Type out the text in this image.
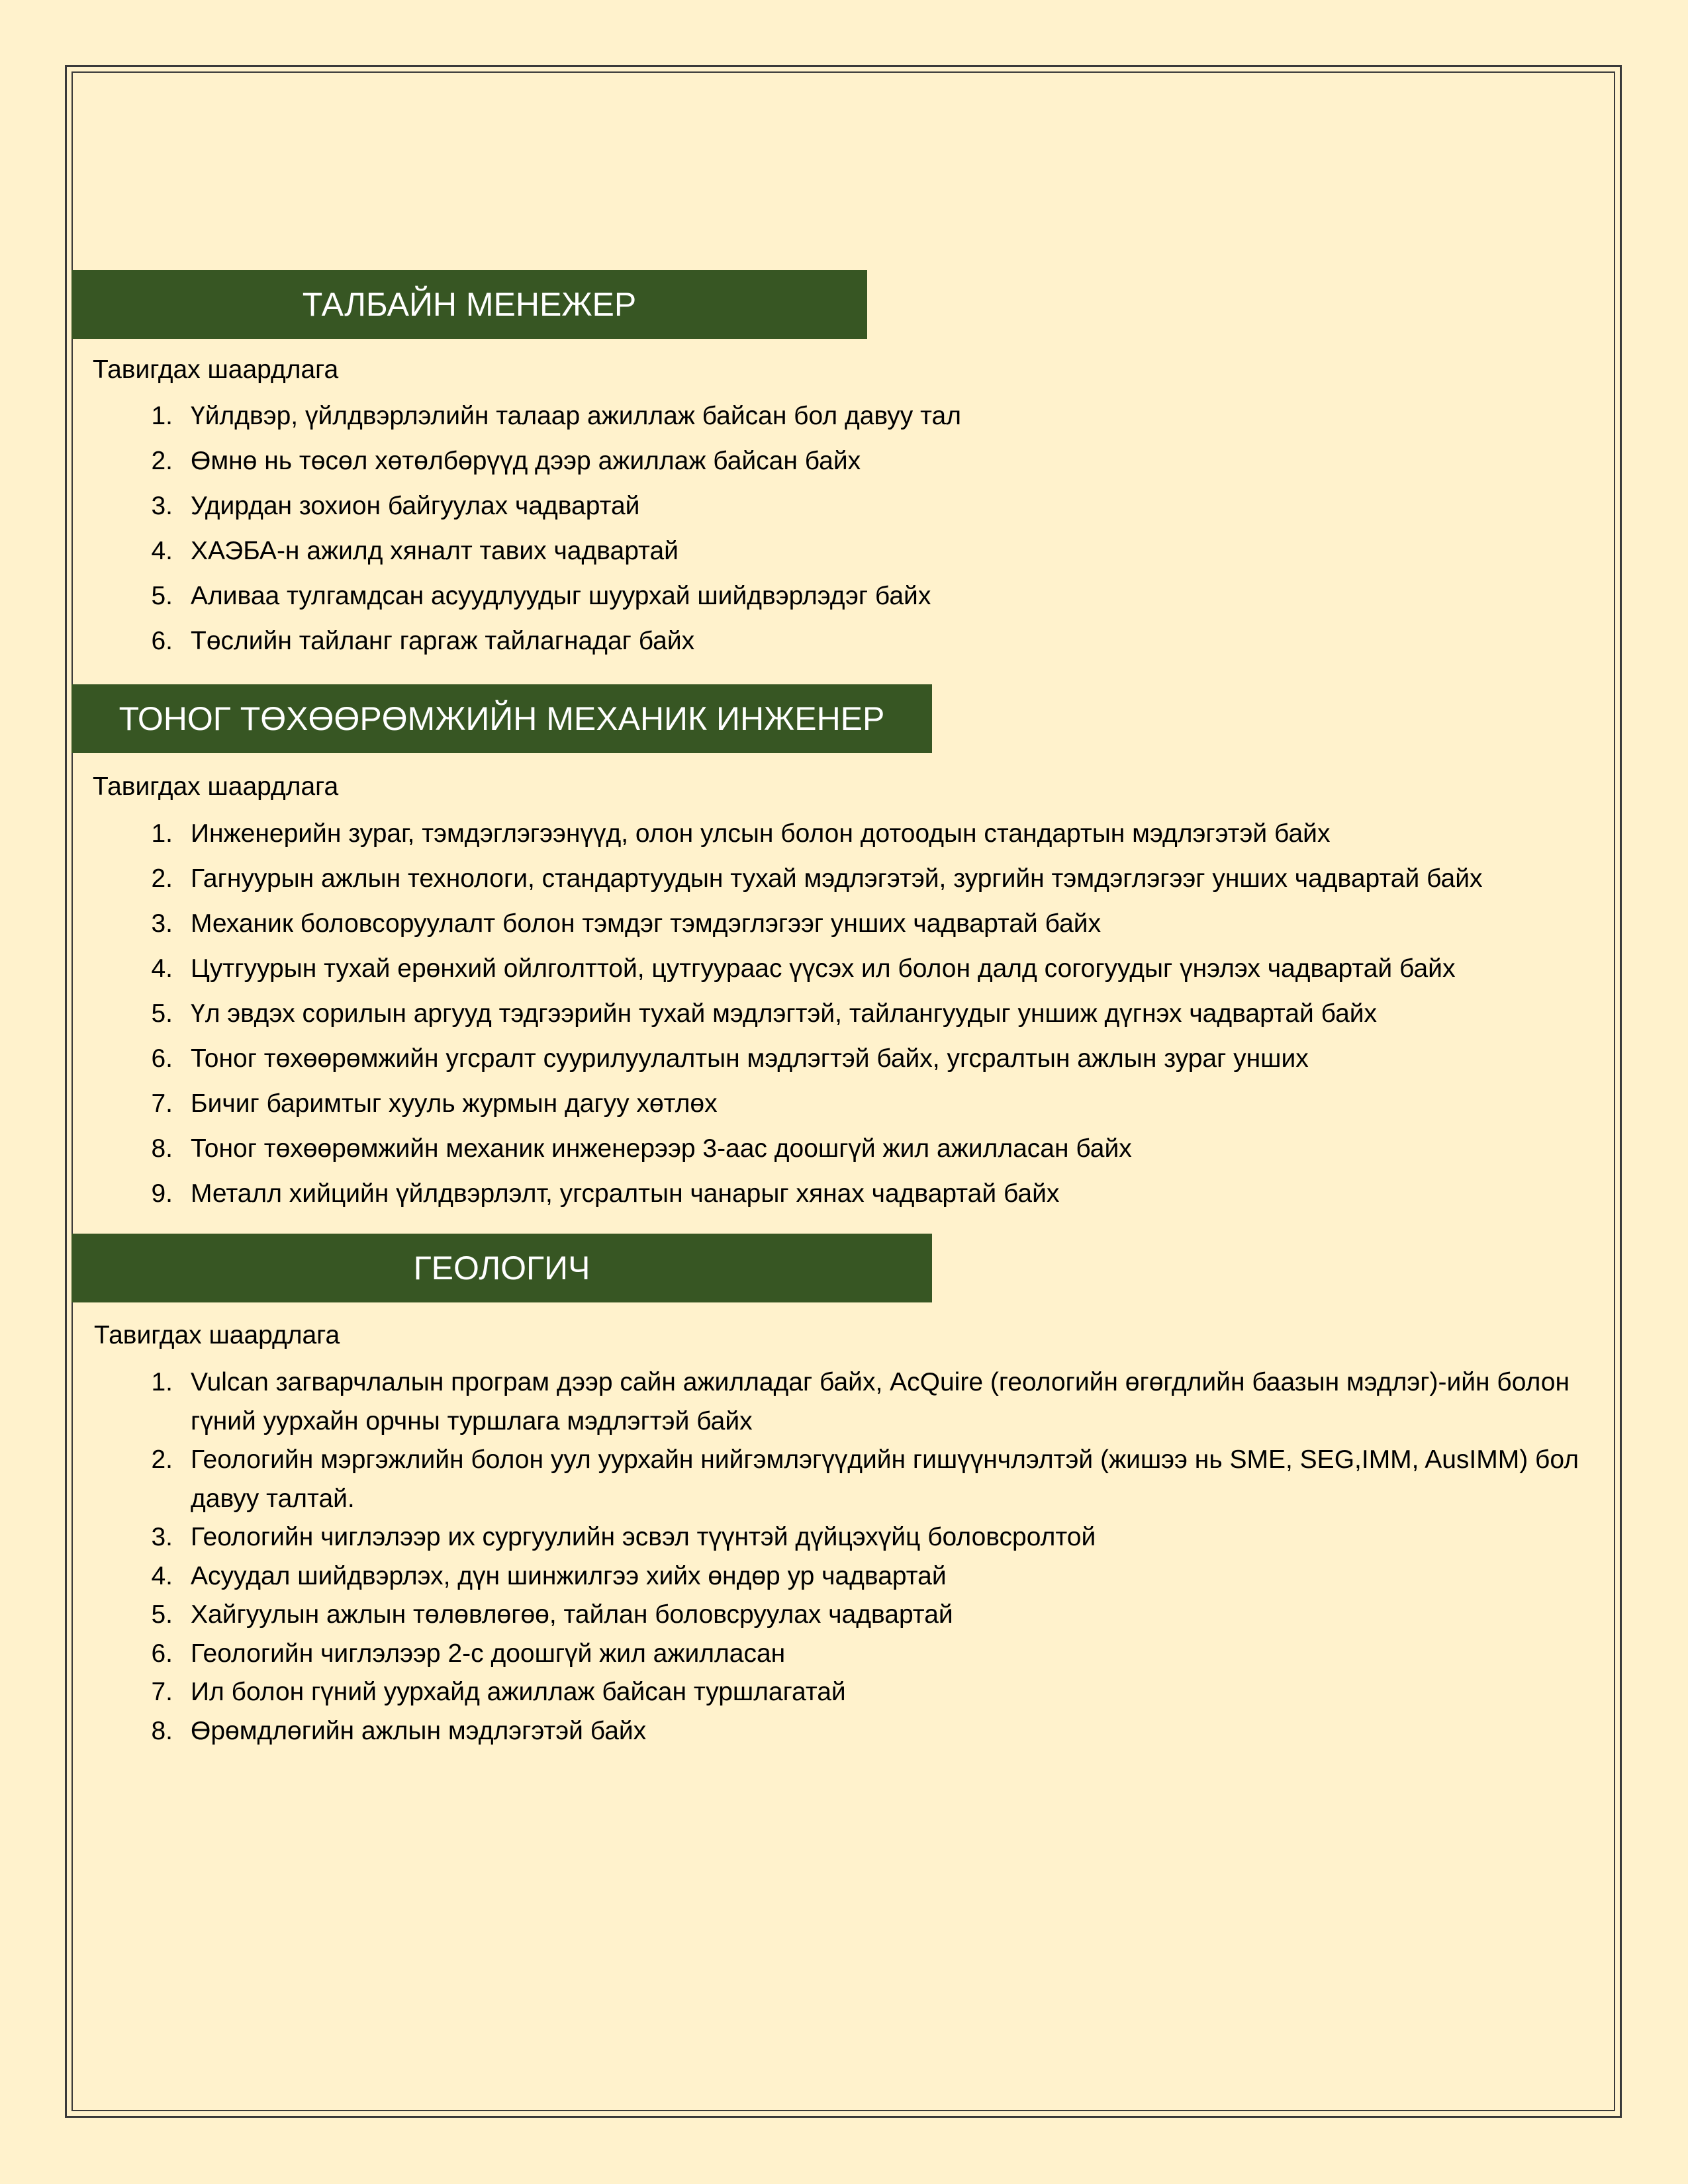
ТАЛБАЙН МЕНЕЖЕР
Тавигдах шаардлага
1. Үйлдвэр, үйлдвэрлэлийн талаар ажиллаж байсан бол давуу тал
2. Өмнө нь төсөл хөтөлбөрүүд дээр ажиллаж байсан байх
3. Удирдан зохион байгуулах чадвартай
4. ХАЭБА-н ажилд хяналт тавих чадвартай
5. Аливаа тулгамдсан асуудлуудыг шуурхай шийдвэрлэдэг байх
6. Төслийн тайланг гаргаж тайлагнадаг байх
ТОНОГ ТӨХӨӨРӨМЖИЙН МЕХАНИК ИНЖЕНЕР
Тавигдах шаардлага
1. Инженерийн зураг, тэмдэглэгээнүүд, олон улсын болон дотоодын стандартын мэдлэгэтэй байх
2. Гагнуурын ажлын технологи, стандартуудын тухай мэдлэгэтэй, зургийн тэмдэглэгээг унших чадвартай байх
3. Механик боловсоруулалт болон тэмдэг тэмдэглэгээг унших чадвартай байх
4. Цутгуурын тухай ерөнхий ойлголттой, цутгуураас үүсэх ил болон далд согогуудыг үнэлэх чадвартай байх
5. Үл эвдэх сорилын аргууд тэдгээрийн тухай мэдлэгтэй, тайлангуудыг уншиж дүгнэх чадвартай байх
6. Тоног төхөөрөмжийн угсралт суурилуулалтын мэдлэгтэй байх, угсралтын ажлын зураг унших
7. Бичиг баримтыг хууль журмын дагуу хөтлөх
8. Тоног төхөөрөмжийн механик инженерээр 3-аас доошгүй жил ажилласан байх
9. Металл хийцийн үйлдвэрлэлт, угсралтын чанарыг хянах чадвартай байх
ГЕОЛОГИЧ
Тавигдах шаардлага
1. Vulcan загварчлалын програм дээр сайн ажилладаг байх, AcQuire (геологийн өгөгдлийн баазын мэдлэг)-ийн болон гүний уурхайн орчны туршлага мэдлэгтэй байх
2. Геологийн мэргэжлийн болон уул уурхайн нийгэмлэгүүдийн гишүүнчлэлтэй (жишээ нь SME, SEG,IMM, AusIMM) бол давуу талтай.
3. Геологийн чиглэлээр их сургуулийн эсвэл түүнтэй дүйцэхүйц боловсролтой
4. Асуудал шийдвэрлэх, дүн шинжилгээ хийх өндөр ур чадвартай
5. Хайгуулын ажлын төлөвлөгөө, тайлан боловсруулах чадвартай
6. Геологийн чиглэлээр 2-с доошгүй жил ажилласан
7. Ил болон гүний уурхайд ажиллаж байсан туршлагатай
8. Өрөмдлөгийн ажлын мэдлэгэтэй байх
